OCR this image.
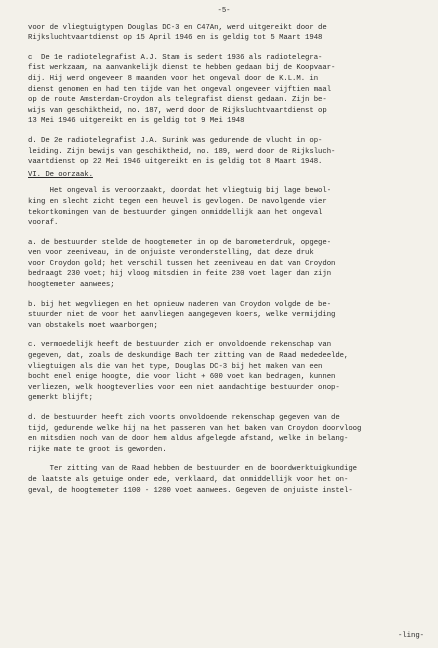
-5-
voor de vliegtuigtypen Douglas DC-3 en C47An, werd uitgereikt door de
Rijksluchtvaartdienst op 15 April 1946 en is geldig tot 5 Maart 1948
c  De 1e radiotelegrafist A.J. Stam is sedert 1936 als radiotelegra-
fist werkzaam, na aanvankelijk dienst te hebben gedaan bij de Koopvaar-
dij. Hij werd ongeveer 8 maanden voor het ongeval door de K.L.M. in
dienst genomen en had ten tijde van het ongeval ongeveer vijftien maal
op de route Amsterdam-Croydon als telegrafist dienst gedaan. Zijn be-
wijs van geschiktheid, no. 187, werd door de Rijksluchtvaartdienst op
13 Mei 1946 uitgereikt en is geldig tot 9 Mei 1948
d. De 2e radiotelegrafist J.A. Surink was gedurende de vlucht in op-
leiding. Zijn bewijs van geschiktheid, no. 189, werd door de Rijksluch-
vaartdienst op 22 Mei 1946 uitgereikt en is geldig tot 8 Maart 1948.
VI. De oorzaak.
Het ongeval is veroorzaakt, doordat het vliegtuig bij lage bewol-
king en slecht zicht tegen een heuvel is gevlogen. De navolgende vier
tekortkomingen van de bestuurder gingen onmiddellijk aan het ongeval
vooraf.
a. de bestuurder stelde de hoogtemeter in op de barometerdruk, opgege-
ven voor zeeniveau, in de onjuiste veronderstelling, dat deze druk
voor Croydon gold; het verschil tussen het zeeniveau en dat van Croydon
bedraagt 230 voet; hij vloog mitsdien in feite 230 voet lager dan zijn
hoogtemeter aanwees;
b. bij het wegvliegen en het opnieuw naderen van Croydon volgde de be-
stuurder niet de voor het aanvliegen aangegeven koers, welke vermijding
van obstakels moet waarborgen;
c. vermoedelijk heeft de bestuurder zich er onvoldoende rekenschap van
gegeven, dat, zoals de deskundige Bach ter zitting van de Raad mededeelde,
vliegtuigen als die van het type, Douglas DC-3 bij het maken van een
bocht enel enige hoogte, die voor licht + 600 voet kan bedragen, kunnen
verliezen, welk hoogteverlies voor een niet aandachtige bestuurder onop-
gemerkt blijft;
d. de bestuurder heeft zich voorts onvoldoende rekenschap gegeven van de
tijd, gedurende welke hij na het passeren van het baken van Croydon doorvloog
en mitsdien noch van de door hem aldus afgelegde afstand, welke in belang-
rijke mate te groot is geworden.
Ter zitting van de Raad hebben de bestuurder en de boordwerktuigkundige
de laatste als getuige onder ede, verklaard, dat onmiddellijk voor het on-
geval, de hoogtemeter 1100 - 1200 voet aanwees. Gegeven de onjuiste instel-
-ling-
